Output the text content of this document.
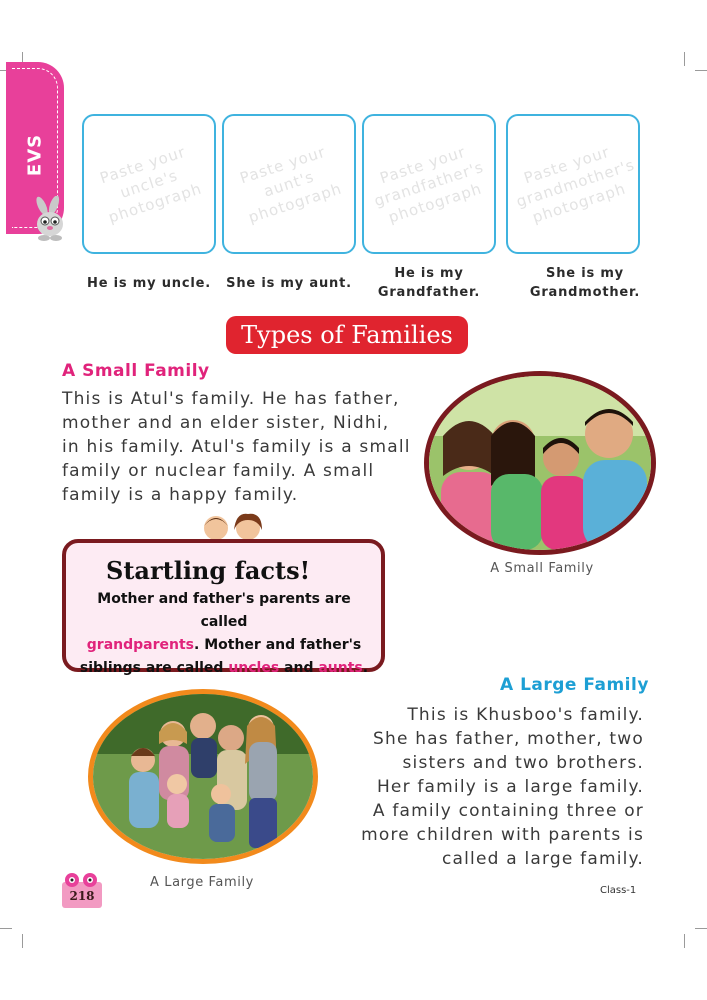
EVS	Paste your uncle's photograph
Paste your aunt's photograph
Paste your grandfather's photograph
Paste your grandmother's photograph
He is my uncle.	She is my aunt.
He is my
Grandfather.
She is my
Grandmother.
Types of Families
A Small Family
This is Atul's family. He has father,
mother and an elder sister, Nidhi,
in his family. Atul's family is a small
family or nuclear family. A small
family is a happy family.
A Small Family
Startling facts!
Mother and father's parents are called
grandparents. Mother and father's
siblings are called uncles and aunts.
A Large Family
This is Khusboo's family.
She has father, mother, two
sisters and two brothers.
Her family is a large family.
A family containing three or
more children with parents is
called a large family.
A Large Family
218	Class-1
